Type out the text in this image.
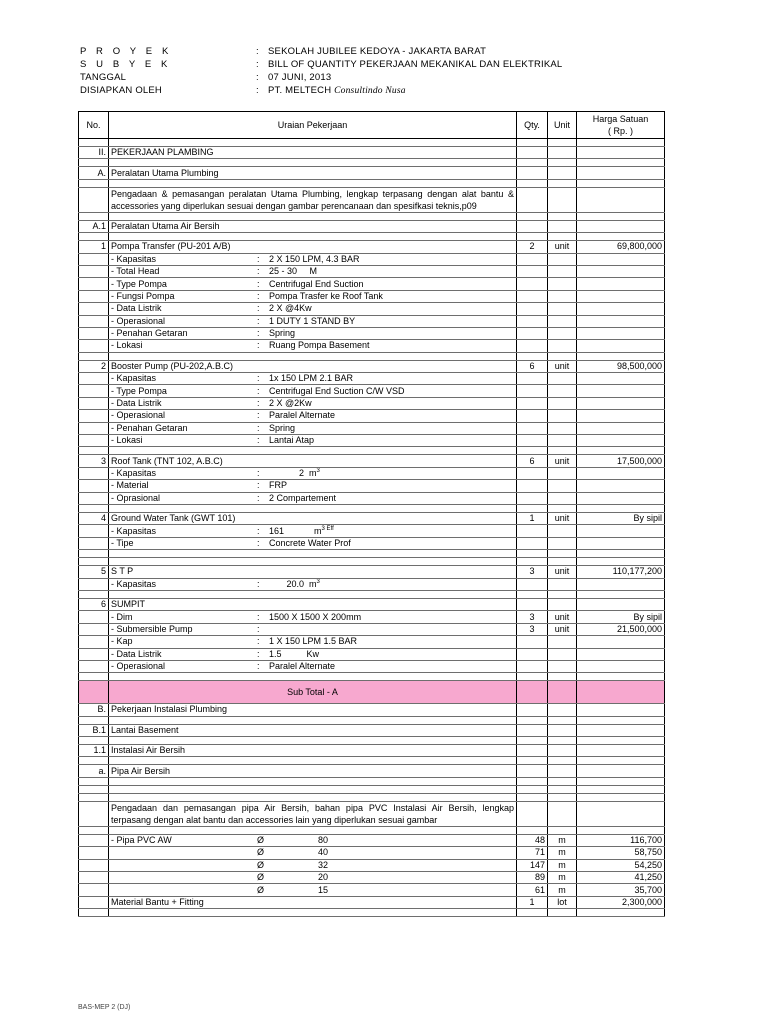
P R O Y E K	: SEKOLAH JUBILEE KEDOYA - JAKARTA BARAT
S U B Y E K	: BILL OF QUANTITY PEKERJAAN MEKANIKAL DAN ELEKTRIKAL
TANGGAL	: 07 JUNI, 2013
DISIAPKAN OLEH	: PT. MELTECH Consultindo Nusa
No.	Uraian Pekerjaan	Qty.	Unit	Harga Satuan
( Rp. )

II.	PEKERJAAN PLAMBING			

A.	Peralatan Utama Plumbing			

	Pengadaan & pemasangan peralatan Utama Plumbing, lengkap terpasang dengan alat bantu & accessories yang diperlukan sesuai dengan gambar perencanaan dan spesifkasi teknis,p09			

A.1	Peralatan Utama Air Bersih			

1	Pompa Transfer (PU-201 A/B)	2	unit	69,800,000

	- Kapasitas : 2 X 150 LPM, 4.3 BAR			

	- Total Head : 25 - 30     M			

	- Type Pompa : Centrifugal End Suction			

	- Fungsi Pompa : Pompa Trasfer ke Roof Tank			

	- Data Listrik : 2 X @4Kw			

	- Operasional : 1 DUTY 1 STAND BY			

	- Penahan Getaran : Spring			

	- Lokasi : Ruang Pompa Basement			

2	Booster Pump (PU-202,A.B.C)	6	unit	98,500,000

	- Kapasitas : 1x 150 LPM 2.1 BAR			

	- Type Pompa : Centrifugal End Suction C/W VSD			

	- Data Listrik : 2 X @2Kw			

	- Operasional : Paralel Alternate			

	- Penahan Getaran : Spring			

	- Lokasi : Lantai Atap			

3	Roof Tank (TNT 102, A.B.C)	6	unit	17,500,000

	- Kapasitas : 2  $m^3$

	- Material : FRP			

	- Oprasional : 2 Compartement			

4	Ground Water Tank (GWT 101)	1	unit	By sipil

	- Kapasitas : 161            $m^{3 Eff}$

	- Tipe : Concrete Water Prof			

5	S T P	3	unit	110,177,200

	- Kapasitas : 20.0  $m^3$

6	SUMPIT			

	- Dim : 1500 X 1500 X 200mm	3	unit	By sipil

	- Submersible Pump :	3	unit	21,500,000

	- Kap : 1 X 150 LPM 1.5 BAR			

	- Data Listrik : 1.5          Kw			

	- Operasional : Paralel Alternate			

	Sub Total - A			
B.	Pekerjaan Instalasi Plumbing			

B.1	Lantai Basement			

1.1	Instalasi Air Bersih			

a.	Pipa Air Bersih			

	Pengadaan dan pemasangan pipa Air Bersih, bahan pipa PVC Instalasi Air Bersih, lengkap terpasang dengan alat bantu dan accessories lain yang diperlukan sesuai gambar			

	- Pipa PVC AW Ø 80	48	m	116,700

	Ø 40	71	m	58,750

	Ø 32	147	m	54,250

	Ø 20	89	m	41,250

	Ø 15	61	m	35,700
	Material Bantu + Fitting	1	lot	2,300,000

BAS-MEP 2 (DJ)
